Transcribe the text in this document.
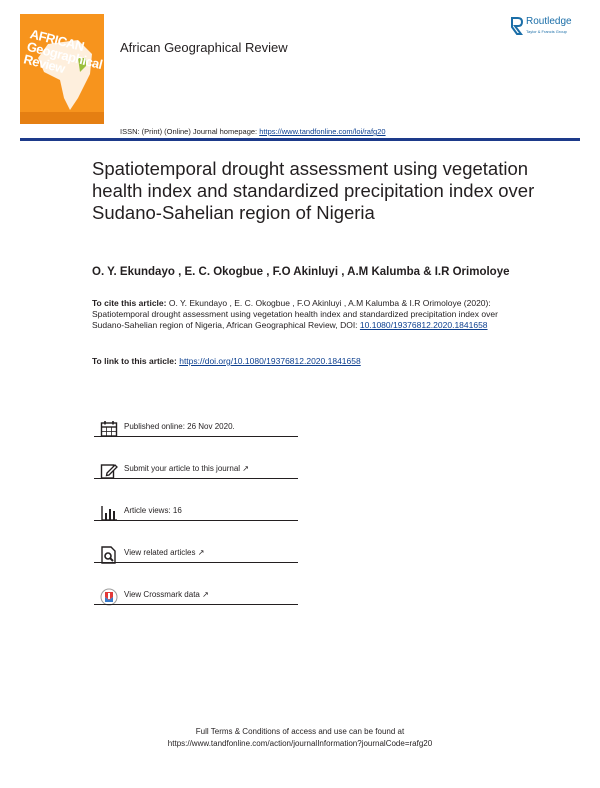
AFRICAN Geographical Review
African Geographical Review
Routledge
Taylor & Francis Group
ISSN: (Print) (Online) Journal homepage: https://www.tandfonline.com/loi/rafg20
Spatiotemporal drought assessment using vegetation health index and standardized precipitation index over Sudano-Sahelian region of Nigeria
O. Y. Ekundayo , E. C. Okogbue , F.O Akinluyi , A.M Kalumba & I.R Orimoloye
To cite this article: O. Y. Ekundayo , E. C. Okogbue , F.O Akinluyi , A.M Kalumba & I.R Orimoloye (2020): Spatiotemporal drought assessment using vegetation health index and standardized precipitation index over Sudano-Sahelian region of Nigeria, African Geographical Review, DOI: 10.1080/19376812.2020.1841658
To link to this article: https://doi.org/10.1080/19376812.2020.1841658
Published online: 26 Nov 2020.
Submit your article to this journal ↗
Article views: 16
View related articles ↗
View Crossmark data ↗
Full Terms & Conditions of access and use can be found at
https://www.tandfonline.com/action/journalInformation?journalCode=rafg20
